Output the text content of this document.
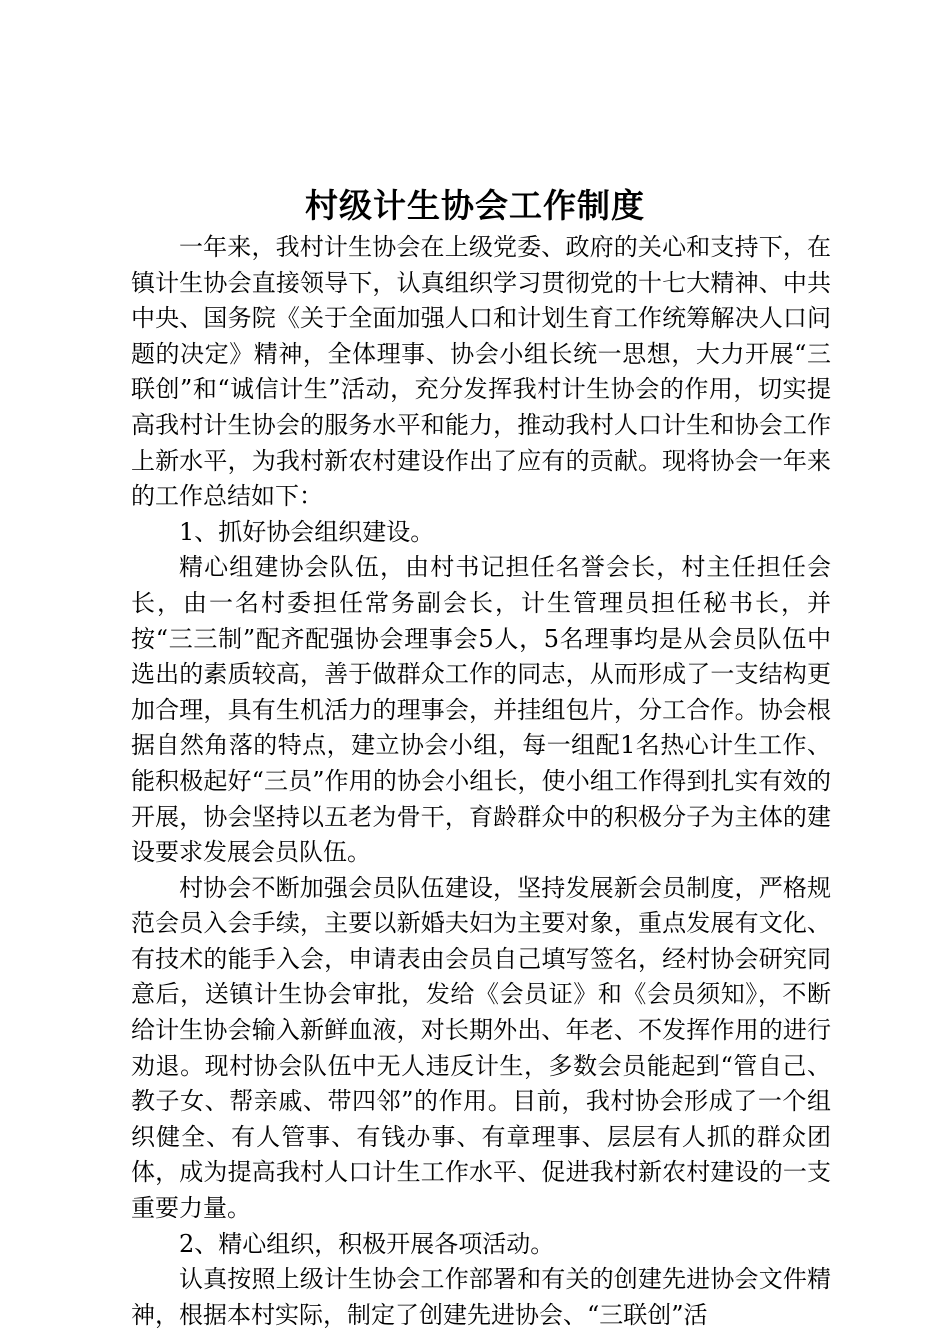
村级计生协会工作制度

一年来，我村计生协会在上级党委、政府的关心和支持下，在镇计生协会直接领导下，认真组织学习贯彻党的十七大精神、中共中央、国务院《关于全面加强人口和计划生育工作统筹解决人口问题的决定》精神，全体理事、协会小组长统一思想，大力开展“三联创”和“诚信计生”活动，充分发挥我村计生协会的作用，切实提高我村计生协会的服务水平和能力，推动我村人口计生和协会工作上新水平，为我村新农村建设作出了应有的贡献。现将协会一年来的工作总结如下：

1、抓好协会组织建设。

精心组建协会队伍，由村书记担任名誉会长，村主任担任会长，由一名村委担任常务副会长，计生管理员担任秘书长，并按“三三制”配齐配强协会理事会5人，5名理事均是从会员队伍中选出的素质较高，善于做群众工作的同志，从而形成了一支结构更加合理，具有生机活力的理事会，并挂组包片，分工合作。协会根据自然角落的特点，建立协会小组，每一组配1名热心计生工作、能积极起好“三员”作用的协会小组长，使小组工作得到扎实有效的开展，协会坚持以五老为骨干，育龄群众中的积极分子为主体的建设要求发展会员队伍。

村协会不断加强会员队伍建设，坚持发展新会员制度，严格规范会员入会手续，主要以新婚夫妇为主要对象，重点发展有文化、有技术的能手入会，申请表由会员自己填写签名，经村协会研究同意后，送镇计生协会审批，发给《会员证》和《会员须知》，不断给计生协会输入新鲜血液，对长期外出、年老、不发挥作用的进行劝退。现村协会队伍中无人违反计生，多数会员能起到“管自己、教子女、帮亲戚、带四邻”的作用。目前，我村协会形成了一个组织健全、有人管事、有钱办事、有章理事、层层有人抓的群众团体，成为提高我村人口计生工作水平、促进我村新农村建设的一支重要力量。

2、精心组织，积极开展各项活动。

认真按照上级计生协会工作部署和有关的创建先进协会文件精神，根据本村实际，制定了创建先进协会、“三联创”活
